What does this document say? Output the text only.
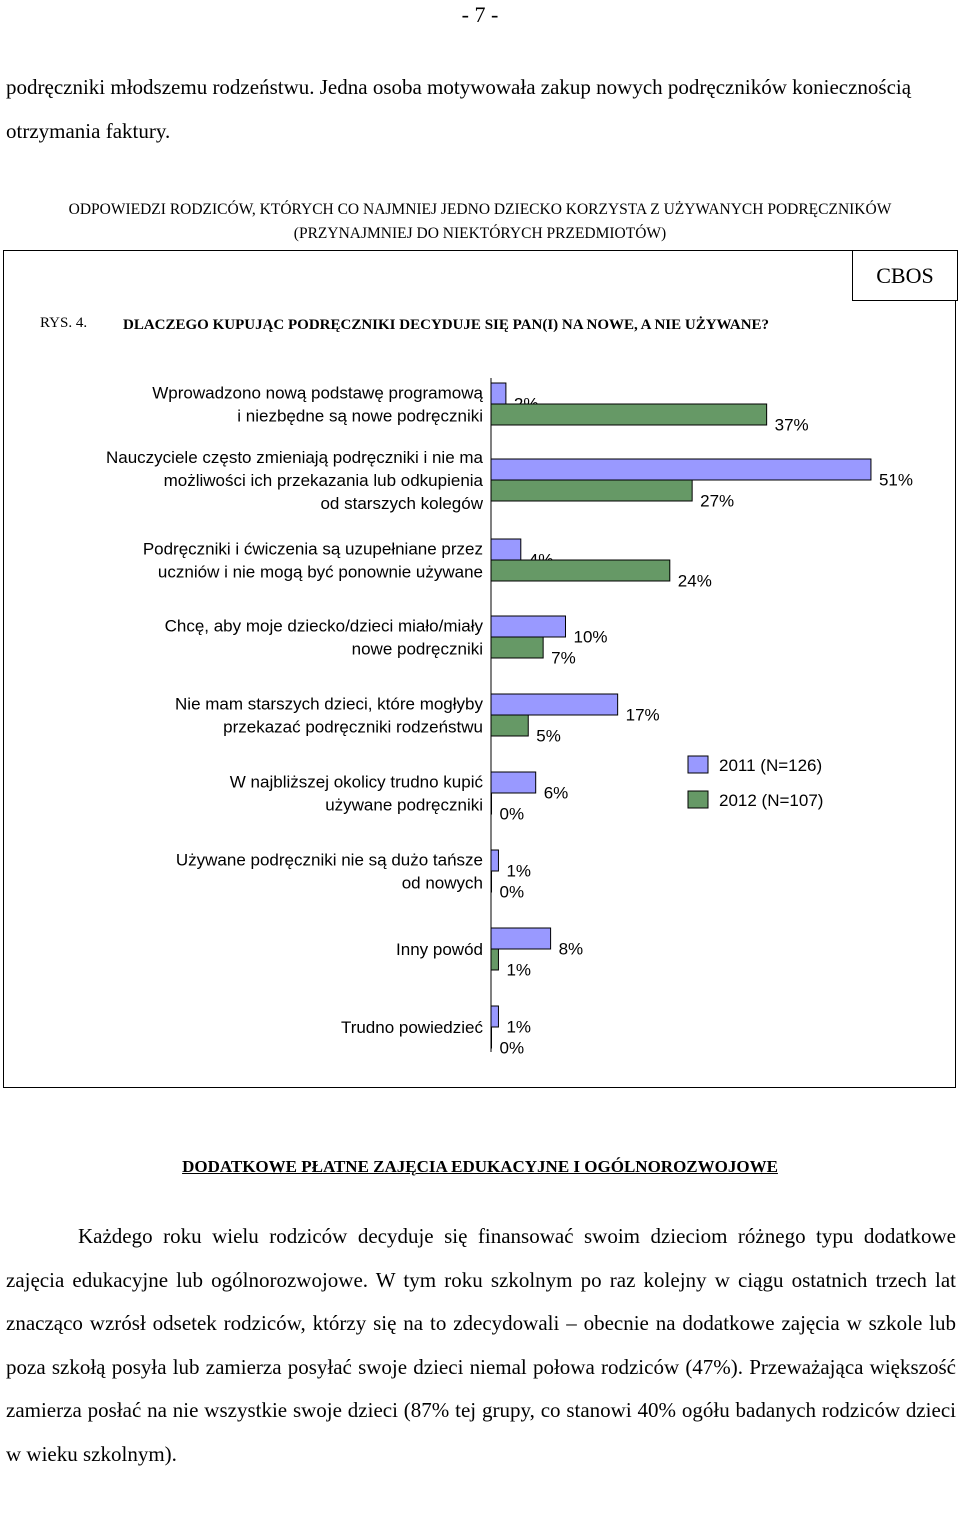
- 7 -

podręczniki młodszemu rodzeństwu. Jedna osoba motywowała zakup nowych podręczników koniecznością otrzymania faktury.

ODPOWIEDZI RODZICÓW, KTÓRYCH CO NAJMNIEJ JEDNO DZIECKO KORZYSTA Z UŻYWANYCH PODRĘCZNIKÓW
(PRZYNAJMNIEJ DO NIEKTÓRYCH PRZEDMIOTÓW)
CBOS
RYS. 4. DLACZEGO KUPUJĄC PODRĘCZNIKI DECYDUJE SIĘ PAN(I) NA NOWE, A NIE UŻYWANE?
Wprowadzono nową podstawę programową
i niezbędne są nowe podręczniki	37%
Nauczyciele często zmieniają podręczniki i nie ma
możliwości ich przekazania lub odkupienia
od starszych kolegów
51%
27%
Podręczniki i ćwiczenia są uzupełniane przez
uczniów i nie mogą być ponownie używane	24%
Chcę, aby moje dziecko/dzieci miało/miały
nowe podręczniki
10%
7%
Nie mam starszych dzieci, które mogłyby
przekazać podręczniki rodzeństwu
17%
5%
W najbliższej okolicy trudno kupić
używane podręczniki
6%
0%
Używane podręczniki nie są dużo tańsze
od nowych
1%
0%
Inny powód	8%
1%
Trudno powiedzieć 1%
0%
2011 (N=126)
2012 (N=107)
DODATKOWE PŁATNE ZAJĘCIA EDUKACYJNE I OGÓLNOROZWOJOWE

Każdego roku wielu rodziców decyduje się finansować swoim dzieciom różnego typu dodatkowe zajęcia edukacyjne lub ogólnorozwojowe. W tym roku szkolnym po raz kolejny w ciągu ostatnich trzech lat znacząco wzrósł odsetek rodziców, którzy się na to zdecydowali – obecnie na dodatkowe zajęcia w szkole lub poza szkołą posyła lub zamierza posyłać swoje dzieci niemal połowa rodziców (47%). Przeważająca większość zamierza posłać na nie wszystkie swoje dzieci (87% tej grupy, co stanowi 40% ogółu badanych rodziców dzieci w wieku szkolnym).
